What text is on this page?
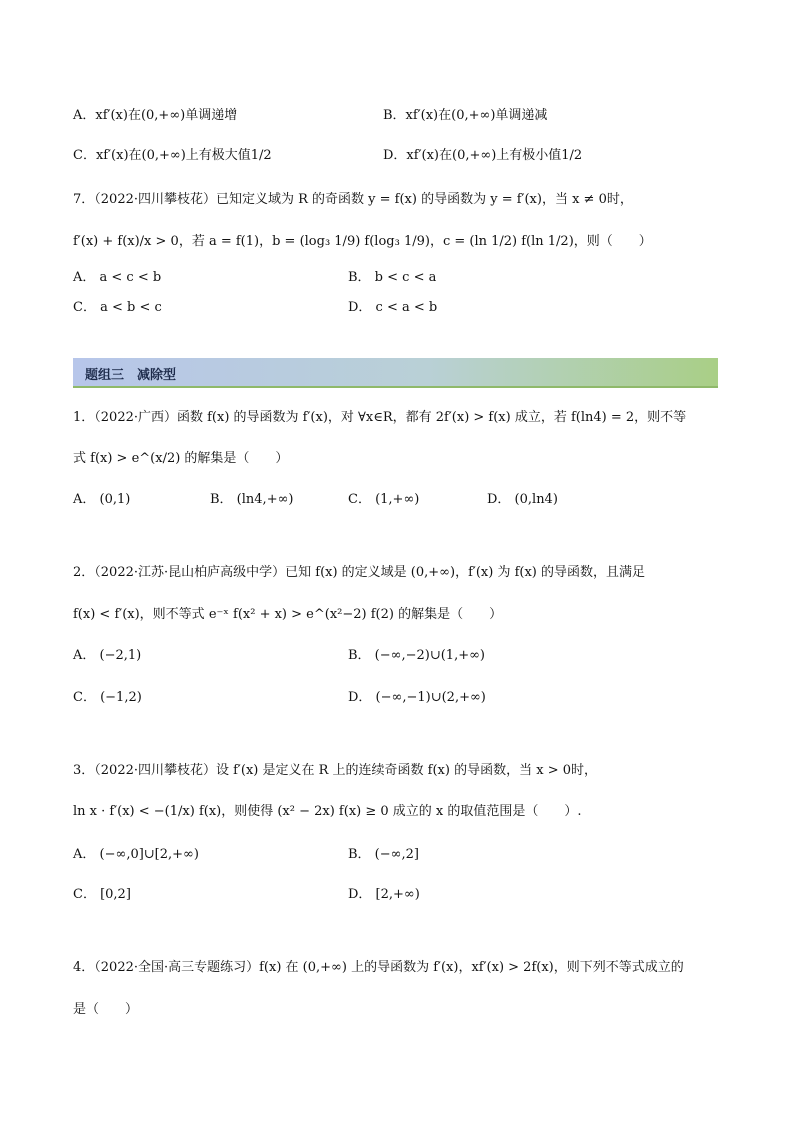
A．xf′(x)在(0,+∞)单调递增	B．xf′(x)在(0,+∞)单调递减
C．xf′(x)在(0,+∞)上有极大值1/2	D．xf′(x)在(0,+∞)上有极小值1/2
7．（2022·四川攀枝花）已知定义域为 R 的奇函数 y = f(x) 的导函数为 y = f′(x)，当 x ≠ 0时，
f′(x) + f(x)/x > 0，若 a = f(1)，b = (log₃ 1/9) f(log₃ 1/9)，c = (ln 1/2) f(ln 1/2)，则（　　）
A． a < c < b	B． b < c < a
C． a < b < c	D． c < a < b
题组三　减除型
1．（2022·广西）函数 f(x) 的导函数为 f′(x)，对 ∀x∈R，都有 2f′(x) > f(x) 成立，若 f(ln4) = 2，则不等
式 f(x) > e^(x/2) 的解集是（　　）
A． (0,1)	B． (ln4,+∞)	C． (1,+∞)	D． (0,ln4)
2．（2022·江苏·昆山柏庐高级中学）已知 f(x) 的定义域是 (0,+∞)，f′(x) 为 f(x) 的导函数，且满足
f(x) < f′(x)，则不等式 e⁻ˣ f(x² + x) > e^(x²−2) f(2) 的解集是（　　）
A． (−2,1)	B． (−∞,−2)∪(1,+∞)
C． (−1,2)	D． (−∞,−1)∪(2,+∞)
3．（2022·四川攀枝花）设 f′(x) 是定义在 R 上的连续奇函数 f(x) 的导函数，当 x > 0时，
ln x · f′(x) < −(1/x) f(x)，则使得 (x² − 2x) f(x) ≥ 0 成立的 x 的取值范围是（　　）.
A． (−∞,0]∪[2,+∞)	B． (−∞,2]
C． [0,2]	D． [2,+∞)
4．（2022·全国·高三专题练习）f(x) 在 (0,+∞) 上的导函数为 f′(x)，xf′(x) > 2f(x)，则下列不等式成立的
是（　　）
